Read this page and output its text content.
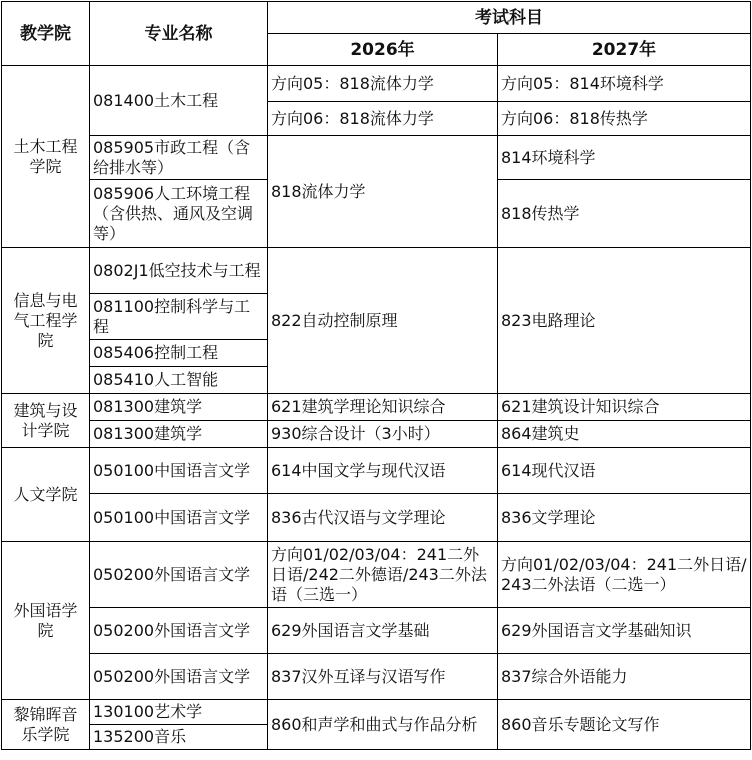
教学院	专业名称	考试科目	
		2026年	2027年
土木工程学院	081400土木工程	方向05：818流体力学	方向05：814环境科学
		方向06：818流体力学	方向06：818传热学
	085905市政工程（含给排水等）	818流体力学	814环境科学

	085906人工环境工程（含供热、通风及空调等）		818传热学
信息与电气工程学院	0802J1低空技术与工程	822自动控制原理	823电路理论
	081100控制科学与工程		
	085406控制工程		
	085410人工智能		
建筑与设计学院	081300建筑学	621建筑学理论知识综合	621建筑设计知识综合
	081300建筑学	930综合设计（3小时）	864建筑史
人文学院	050100中国语言文学	614中国文学与现代汉语	614现代汉语
	050100中国语言文学	836古代汉语与文学理论	836文学理论
外国语学院	050200外国语言文学	方向01/02/03/04：241二外日语/242二外德语/243二外法语（三选一）	方向01/02/03/04：241二外日语/243二外法语（二选一）
	050200外国语言文学	629外国语言文学基础	629外国语言文学基础知识
	050200外国语言文学	837汉外互译与汉语写作	837综合外语能力
黎锦晖音乐学院	130100艺术学	860和声学和曲式与作品分析	860音乐专题论文写作
	135200音乐		
